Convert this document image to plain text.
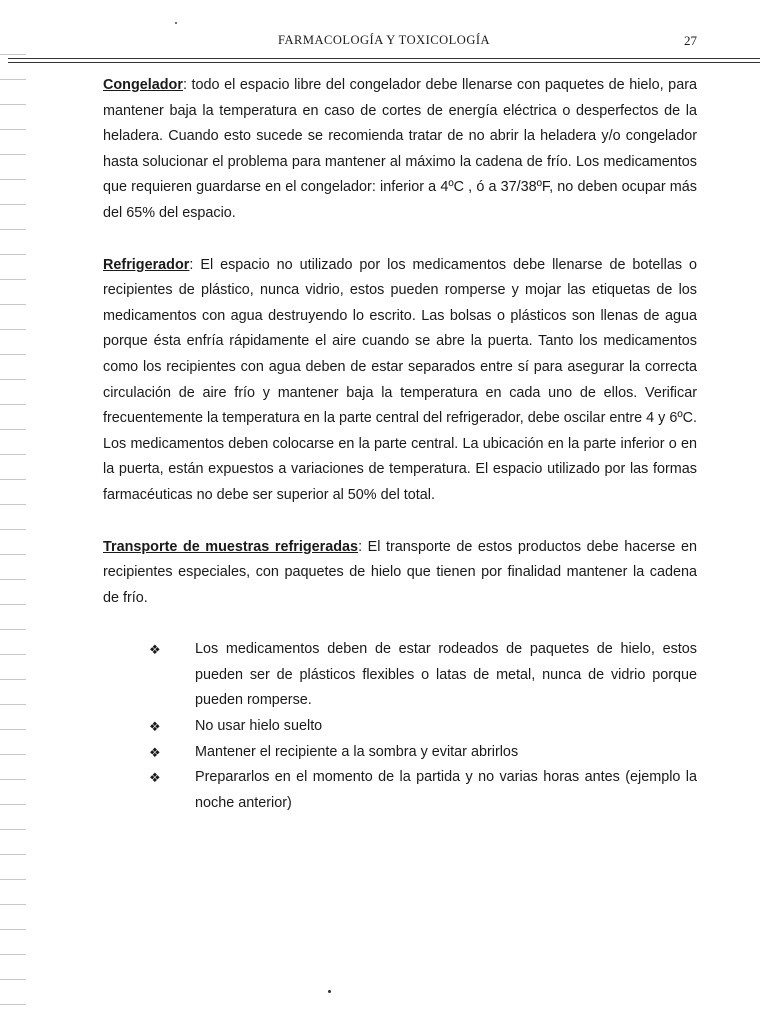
FARMACOLOGÍA Y TOXICOLOGÍA	27

Congelador: todo el espacio libre del congelador debe llenarse con paquetes de hielo, para mantener baja la temperatura en caso de cortes de energía eléctrica o desperfectos de la heladera. Cuando esto sucede se recomienda tratar de no abrir la heladera y/o congelador hasta solucionar el problema para mantener al máximo la cadena de frío. Los medicamentos que requieren guardarse en el congelador: inferior a 4ºC , ó a 37/38ºF, no deben ocupar más del 65% del espacio.

Refrigerador: El espacio no utilizado por los medicamentos debe llenarse de botellas o recipientes de plástico, nunca vidrio, estos pueden romperse y mojar las etiquetas de los medicamentos con agua destruyendo lo escrito. Las bolsas o plásticos son llenas de agua porque ésta enfría rápidamente el aire cuando se abre la puerta. Tanto los medicamentos como los recipientes con agua deben de estar separados entre sí para asegurar la correcta circulación de aire frío y mantener baja la temperatura en cada uno de ellos. Verificar frecuentemente la temperatura en la parte central del refrigerador, debe oscilar entre 4 y 6ºC.

Los medicamentos deben colocarse en la parte central. La ubicación en la parte inferior o en la puerta, están expuestos a variaciones de temperatura. El espacio utilizado por las formas farmacéuticas no debe ser superior al 50% del total.

Transporte de muestras refrigeradas: El transporte de estos productos debe hacerse en recipientes especiales, con paquetes de hielo que tienen por finalidad mantener la cadena de frío.

❖ Los medicamentos deben de estar rodeados de paquetes de hielo, estos pueden ser de plásticos flexibles o latas de metal, nunca de vidrio porque pueden romperse.
❖ No usar hielo suelto
❖ Mantener el recipiente a la sombra y evitar abrirlos
❖ Prepararlos en el momento de la partida y no varias horas antes (ejemplo la noche anterior)
